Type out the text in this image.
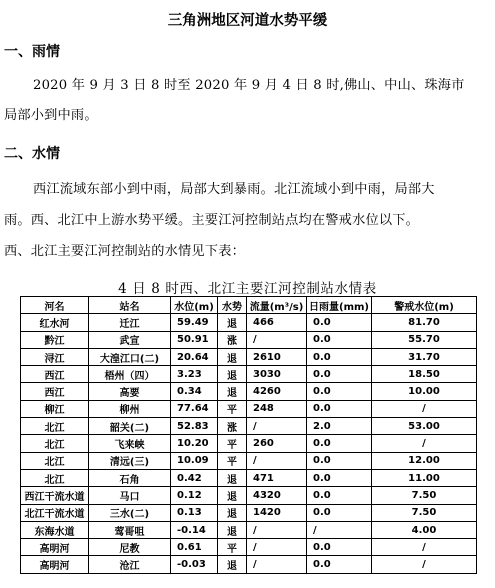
三角洲地区河道水势平缓
一、雨情
2020 年 9 月 3 日 8 时至 2020 年 9 月 4 日 8 时,佛山、中山、珠海市
局部小到中雨。
二、水情
西江流域东部小到中雨，局部大到暴雨。北江流域小到中雨，局部大
雨。西、北江中上游水势平缓。主要江河控制站点均在警戒水位以下。
西、北江主要江河控制站的水情见下表：
4 日 8 时西、北江主要江河控制站水情表
河名	站名	水位(m)	水势	流量(m³/s)	日雨量(mm)	警戒水位(m)
红水河	迁江	59.49	退	466	0.0	81.70
黔江	武宣	50.91	涨	/	0.0	55.70
浔江	大湟江口(二)	20.64	退	2610	0.0	31.70
西江	梧州（四）	3.23	退	3030	0.0	18.50
西江	高要	0.34	退	4260	0.0	10.00
柳江	柳州	77.64	平	248	0.0	/
北江	韶关(二)	52.83	涨	/	2.0	53.00
北江	飞来峡	10.20	平	260	0.0	/
北江	清远(三)	10.09	平	/	0.0	12.00
北江	石角	0.42	退	471	0.0	11.00
西江干流水道	马口	0.12	退	4320	0.0	7.50
北江干流水道	三水(二)	0.13	退	1420	0.0	7.50
东海水道	莺哥咀	-0.14	退	/	/	4.00
高明河	尼教	0.61	平	/	0.0	/
高明河	沧江	-0.03	退	/	0.0	/
